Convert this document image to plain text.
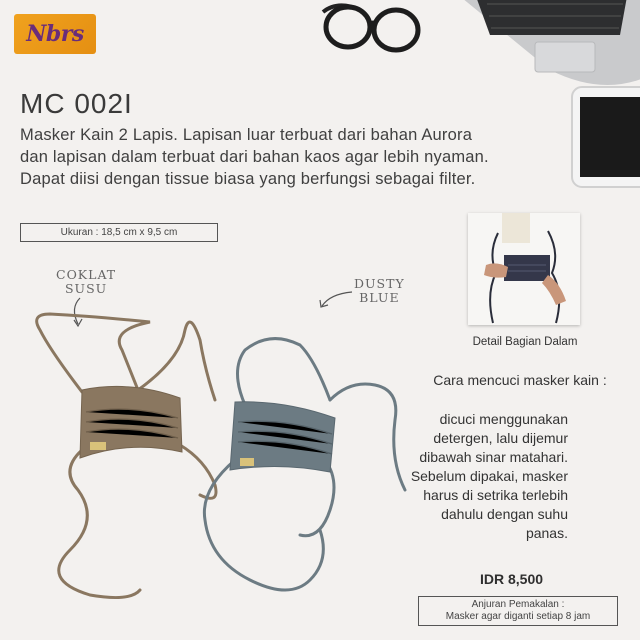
Nbrs
MC 002I
Masker Kain 2 Lapis. Lapisan luar terbuat dari bahan Aurora dan lapisan dalam terbuat dari bahan kaos agar lebih nyaman. Dapat diisi dengan tissue biasa yang berfungsi sebagai filter.
Ukuran : 18,5 cm x 9,5 cm
Detail Bagian Dalam
COKLAT
SUSU	DUSTY
BLUE
Cara mencuci masker kain :
dicuci menggunakan
detergen, lalu dijemur
dibawah sinar matahari.
Sebelum dipakai, masker
harus di setrika terlebih
dahulu dengan suhu
panas.
IDR 8,500
Anjuran Pemakalan :
Masker agar diganti setiap 8 jam
